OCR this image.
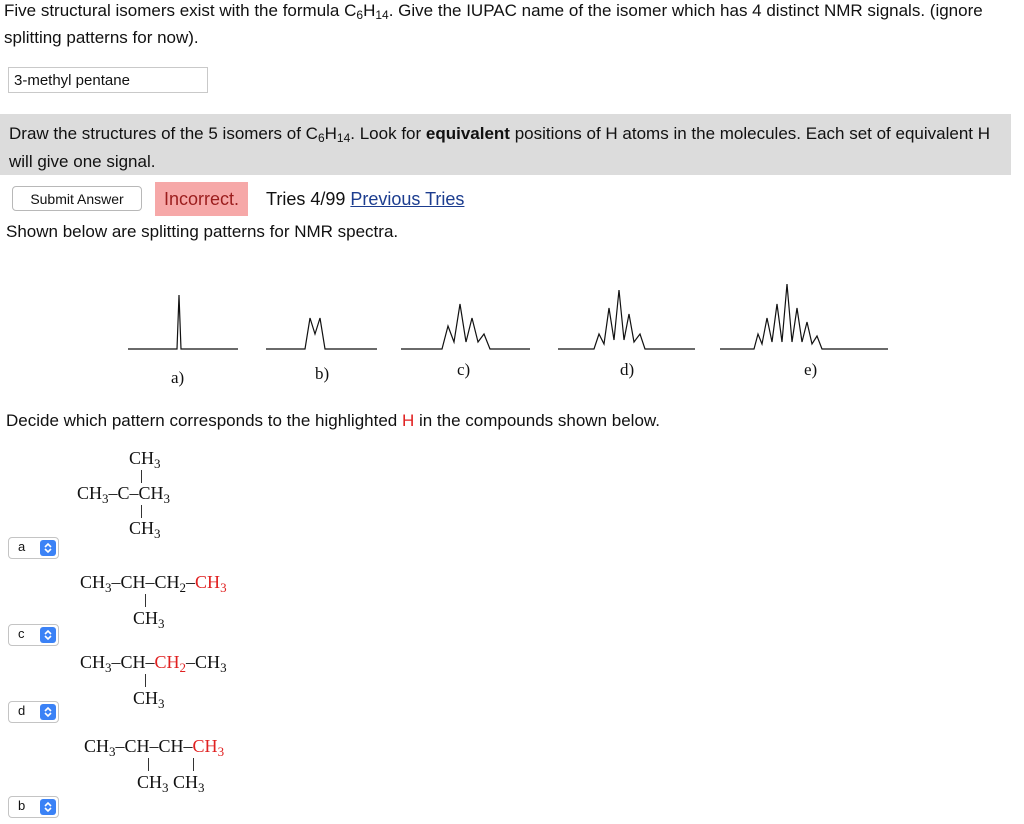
Five structural isomers exist with the formula $C_6H_{14}$. Give the IUPAC name of the isomer which has 4 distinct NMR signals. (ignore splitting patterns for now).
3-methyl pentane
Draw the structures of the 5 isomers of $C_6H_{14}$. Look for equivalent positions of H atoms in the molecules. Each set of equivalent H will give one signal.
Submit Answer	Incorrect.	Tries 4/99 Previous Tries
Shown below are splitting patterns for NMR spectra.
a)	b)	c)	d)	e)
Decide which pattern corresponds to the highlighted H in the compounds shown below.
$CH_3$
$CH_3-C-CH_3$
$CH_3$
a
$CH_3-CH-CH_2-CH_3$
$CH_3$
c
$CH_3-CH-CH_2-CH_3$
$CH_3$
d
$CH_3-CH-CH-CH_3$
$CH_3$ $CH_3$
b
